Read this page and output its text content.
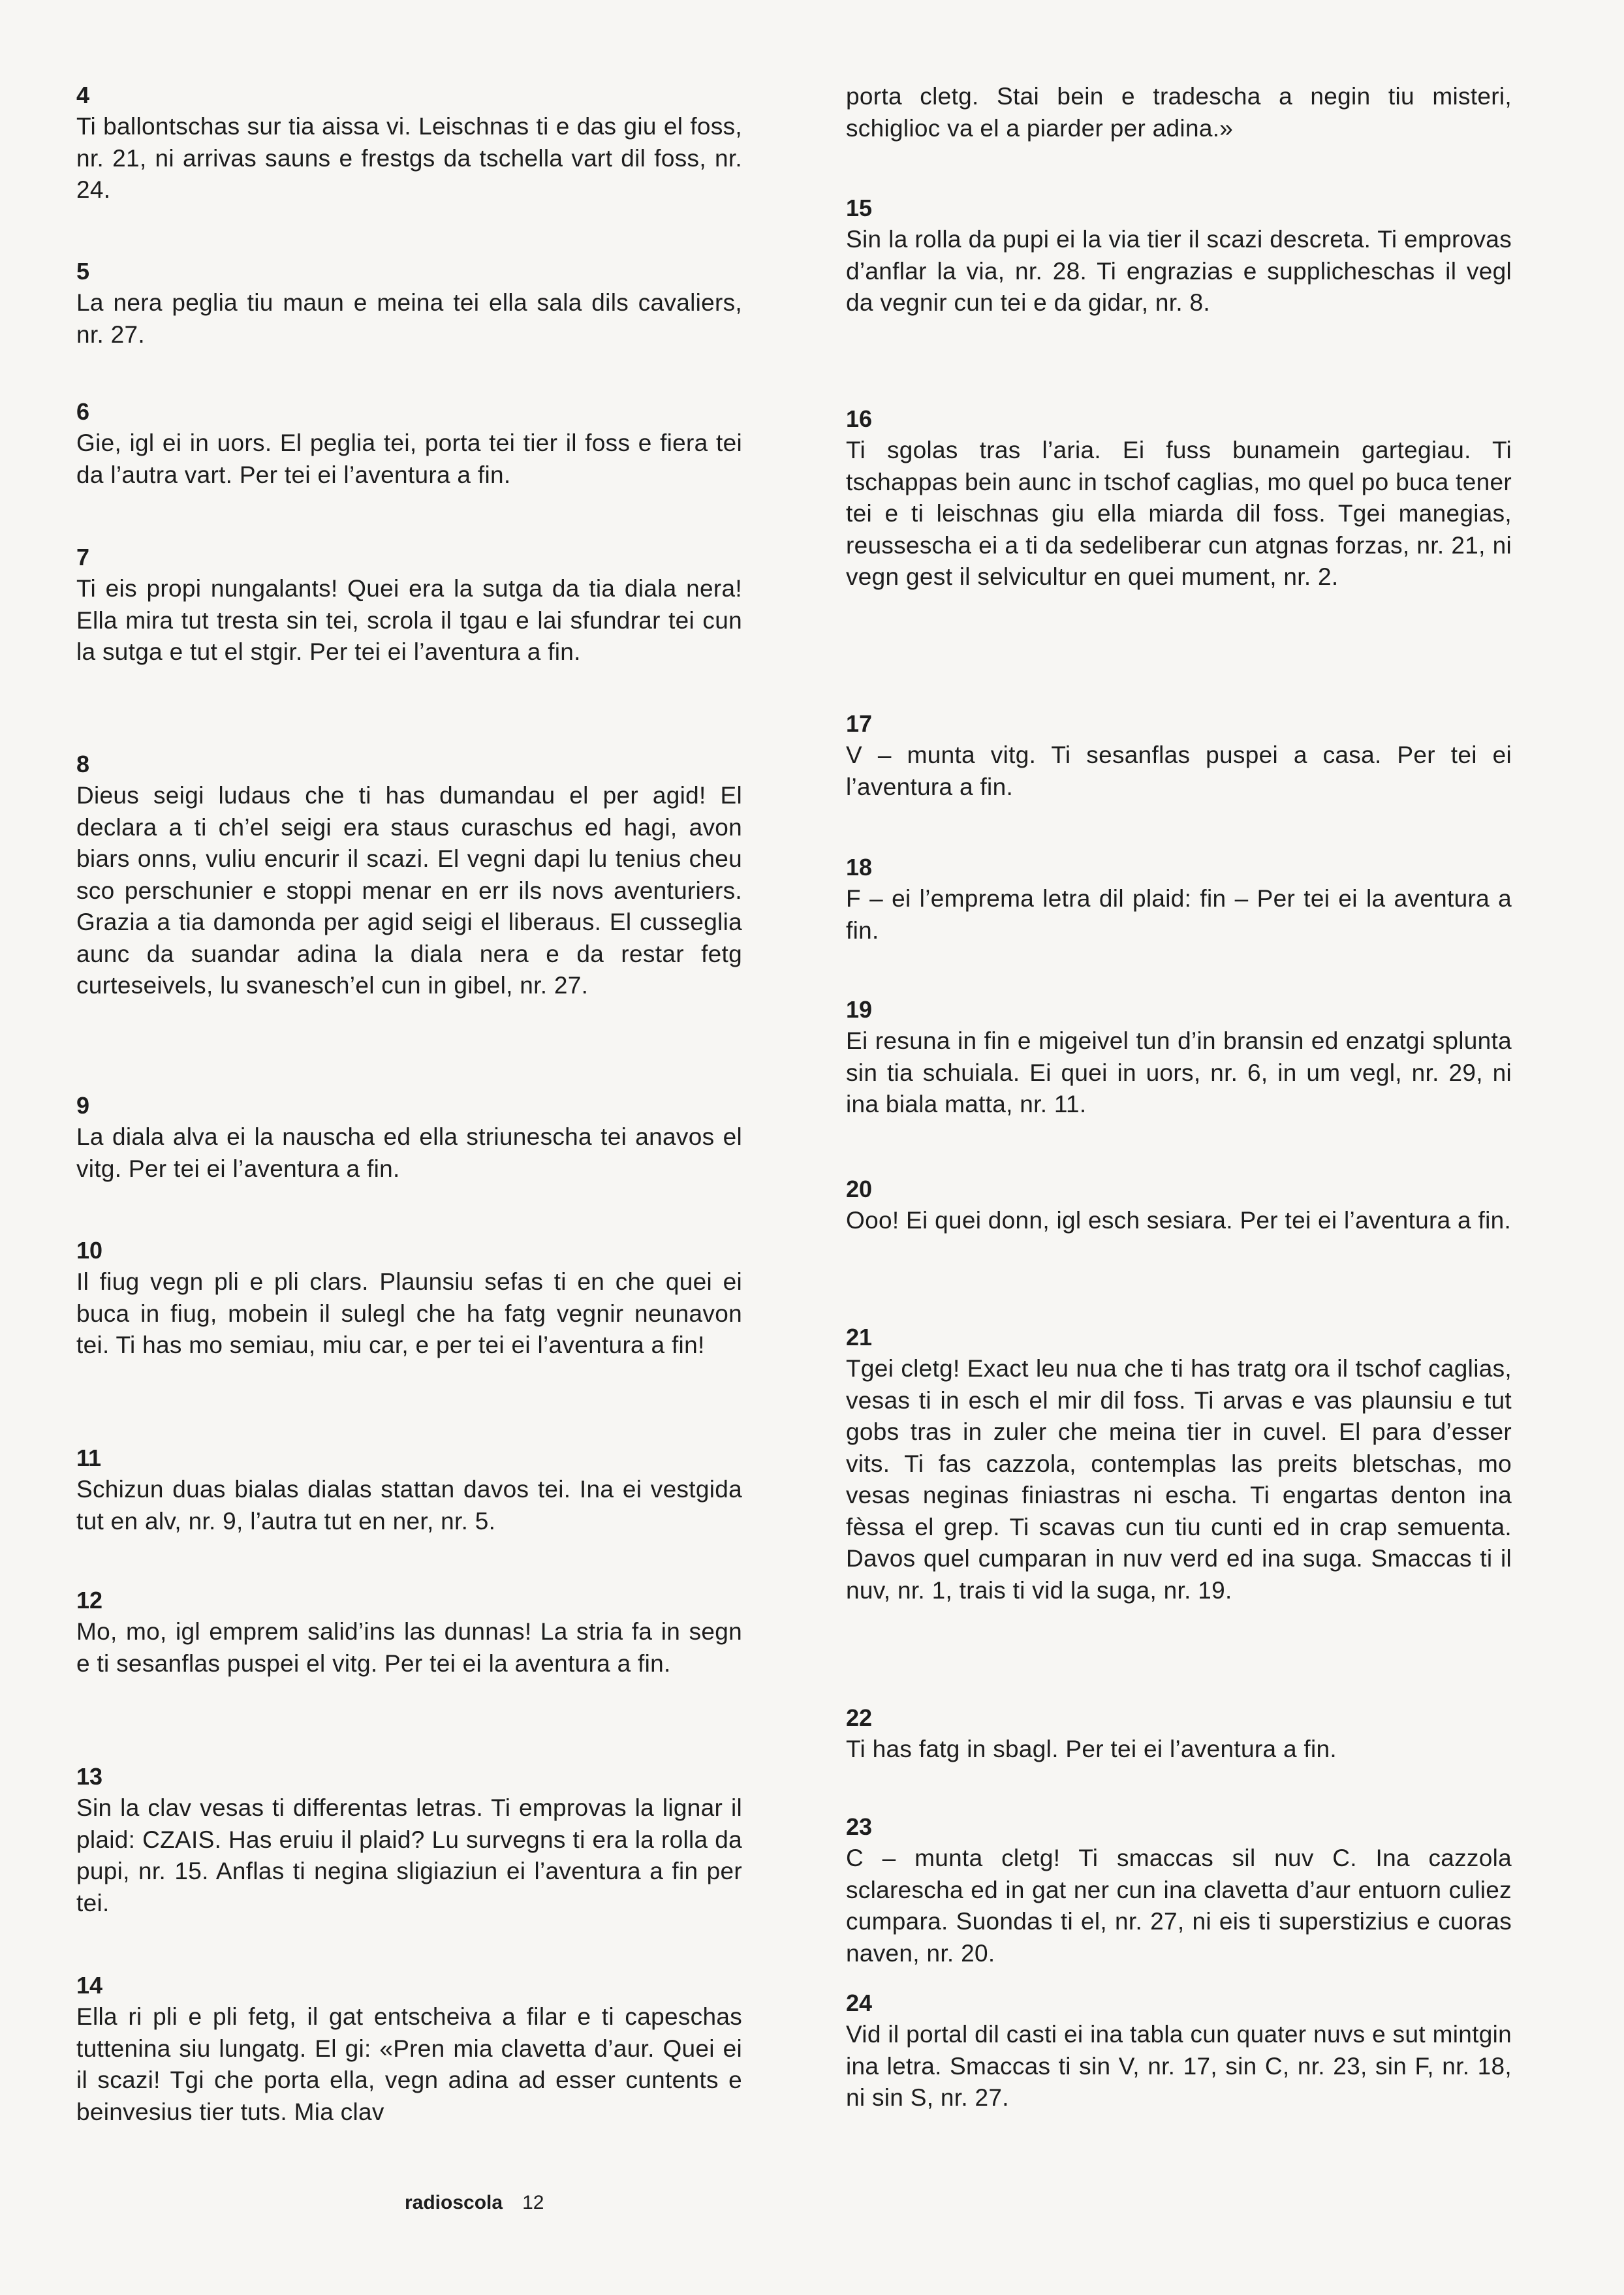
4

Ti ballontschas sur tia aissa vi. Leischnas ti e das giu el foss, nr. 21, ni arrivas sauns e frestgs da tschella vart dil foss, nr. 24.

5

La nera peglia tiu maun e meina tei ella sala dils cavaliers, nr. 27.

6

Gie, igl ei in uors. El peglia tei, porta tei tier il foss e fiera tei da l’autra vart. Per tei ei l’aventura a fin.

7

Ti eis propi nungalants! Quei era la sutga da tia diala nera! Ella mira tut tresta sin tei, scrola il tgau e lai sfundrar tei cun la sutga e tut el stgir. Per tei ei l’aventura a fin.

8

Dieus seigi ludaus che ti has dumandau el per agid! El declara a ti ch’el seigi era staus curaschus ed hagi, avon biars onns, vuliu encurir il scazi. El vegni dapi lu tenius cheu sco perschunier e stoppi menar en err ils novs aventuriers. Grazia a tia damonda per agid seigi el liberaus. El cusseglia aunc da suandar adina la diala nera e da restar fetg curteseivels, lu svanesch’el cun in gibel, nr. 27.

9

La diala alva ei la nauscha ed ella striunescha tei anavos el vitg. Per tei ei l’aventura a fin.

10

Il fiug vegn pli e pli clars. Plaunsiu sefas ti en che quei ei buca in fiug, mobein il sulegl che ha fatg vegnir neunavon tei. Ti has mo semiau, miu car, e per tei ei l’aventura a fin!

11

Schizun duas bialas dialas stattan davos tei. Ina ei vestgida tut en alv, nr. 9, l’autra tut en ner, nr. 5.

12

Mo, mo, igl emprem salid’ins las dunnas! La stria fa in segn e ti sesanflas puspei el vitg. Per tei ei la aventura a fin.

13

Sin la clav vesas ti differentas letras. Ti emprovas la lignar il plaid: CZAIS. Has eruiu il plaid? Lu survegns ti era la rolla da pupi, nr. 15. Anflas ti negina sligiaziun ei l’aventura a fin per tei.

14

Ella ri pli e pli fetg, il gat entscheiva a filar e ti capeschas tuttenina siu lungatg. El gi: «Pren mia clavetta d’aur. Quei ei il scazi! Tgi che porta ella, vegn adina ad esser cuntents e beinvesius tier tuts. Mia clav

porta cletg. Stai bein e tradescha a negin tiu misteri, schiglioc va el a piarder per adina.»

15

Sin la rolla da pupi ei la via tier il scazi descreta. Ti emprovas d’anflar la via, nr. 28. Ti engrazias e supplicheschas il vegl da vegnir cun tei e da gidar, nr. 8.

16

Ti sgolas tras l’aria. Ei fuss bunamein gartegiau. Ti tschappas bein aunc in tschof caglias, mo quel po buca tener tei e ti leischnas giu ella miarda dil foss. Tgei manegias, reussescha ei a ti da sedeliberar cun atgnas forzas, nr. 21, ni vegn gest il selvicultur en quei mument, nr. 2.

17

V – munta vitg. Ti sesanflas puspei a casa. Per tei ei l’aventura a fin.

18

F – ei l’emprema letra dil plaid: fin – Per tei ei la aventura a fin.

19

Ei resuna in fin e migeivel tun d’in bransin ed enzatgi splunta sin tia schuiala. Ei quei in uors, nr. 6, in um vegl, nr. 29, ni ina biala matta, nr. 11.

20

Ooo! Ei quei donn, igl esch sesiara. Per tei ei l’aventura a fin.

21

Tgei cletg! Exact leu nua che ti has tratg ora il tschof caglias, vesas ti in esch el mir dil foss. Ti arvas e vas plaunsiu e tut gobs tras in zuler che meina tier in cuvel. El para d’esser vits. Ti fas cazzola, contemplas las preits bletschas, mo vesas neginas finiastras ni escha. Ti engartas denton ina fèssa el grep. Ti scavas cun tiu cunti ed in crap semuenta. Davos quel cumparan in nuv verd ed ina suga. Smaccas ti il nuv, nr. 1, trais ti vid la suga, nr. 19.

22

Ti has fatg in sbagl. Per tei ei l’aventura a fin.

23

C – munta cletg! Ti smaccas sil nuv C. Ina cazzola sclarescha ed in gat ner cun ina clavetta d’aur entuorn culiez cumpara. Suondas ti el, nr. 27, ni eis ti superstizius e cuoras naven, nr. 20.

24

Vid il portal dil casti ei ina tabla cun quater nuvs e sut mintgin ina letra. Smaccas ti sin V, nr. 17, sin C, nr. 23, sin F, nr. 18, ni sin S, nr. 27.

radioscola 12
